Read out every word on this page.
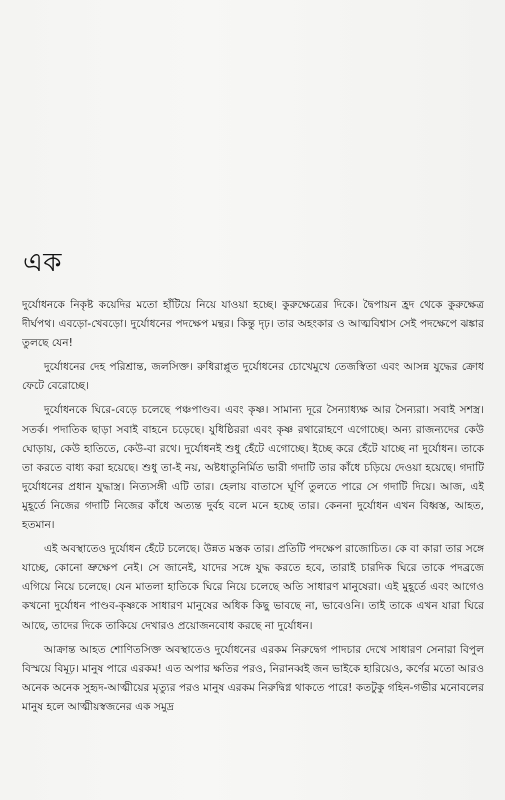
এক

দুর্যোধনকে নিকৃষ্ট কয়েদির মতো হাঁটিয়ে নিয়ে যাওয়া হচ্ছে। কুরুক্ষেত্রের দিকে। দ্বৈপায়ন হ্রদ থেকে কুরুক্ষেত্র দীর্ঘপথ। এবড়ো-খেবড়ো। দুর্যোধনের পদক্ষেপ মন্থর। কিন্তু দৃঢ়। তার অহংকার ও আত্মবিশ্বাস সেই পদক্ষেপে ঝঙ্কার তুলছে যেন!

দুর্যোধনের দেহ পরিশ্রান্ত, জলসিক্ত। রুধিরাপ্লুত দুর্যোধনের চোখেমুখে তেজস্বিতা এবং আসন্ন যুদ্ধের ক্রোধ ফেটে বেরোচ্ছে।

দুর্যোধনকে ঘিরে-বেড়ে চলেছে পঞ্চপাণ্ডব। এবং কৃষ্ণ। সামান্য দূরে সৈন্যাধ্যক্ষ আর সৈন্যরা। সবাই সশস্ত্র। সতর্ক। পদাতিক ছাড়া সবাই বাহনে চড়েছে। যুধিষ্ঠিররা এবং কৃষ্ণ রথারোহণে এগোচ্ছে। অন্য রাজন্যদের কেউ ঘোড়ায়, কেউ হাতিতে, কেউ-বা রথে। দুর্যোধনই শুধু হেঁটে এগোচ্ছে। ইচ্ছে করে হেঁটে যাচ্ছে না দুর্যোধন। তাকে তা করতে বাধ্য করা হয়েছে। শুধু তা-ই নয়, অষ্টধাতুনির্মিত ভারী গদাটি তার কাঁধে চড়িয়ে দেওয়া হয়েছে। গদাটি দুর্যোধনের প্রধান যুদ্ধাস্ত্র। নিত্যসঙ্গী এটি তার। হেলায় বাতাসে ঘূর্ণি তুলতে পারে সে গদাটি দিয়ে। আজ, এই মুহূর্তে নিজের গদাটি নিজের কাঁধে অত্যন্ত দুর্বহ বলে মনে হচ্ছে তার। কেননা দুর্যোধন এখন বিধ্বস্ত, আহত, হতমান।

এই অবস্থাতেও দুর্যোধন হেঁটে চলেছে। উন্নত মস্তক তার। প্রতিটি পদক্ষেপ রাজোচিত। কে বা কারা তার সঙ্গে যাচ্ছে, কোনো ভ্রুক্ষেপ নেই। সে জানেই, যাদের সঙ্গে যুদ্ধ করতে হবে, তারাই চারদিক ঘিরে তাকে পদব্রজে এগিয়ে নিয়ে চলেছে। যেন মাতলা হাতিকে ঘিরে নিয়ে চলেছে অতি সাধারণ মানুষেরা। এই মুহূর্তে এবং আগেও কখনো দুর্যোধন পাণ্ডব-কৃষ্ণকে সাধারণ মানুষের অধিক কিছু ভাবছে না, ভাবেওনি। তাই তাকে এখন যারা ঘিরে আছে, তাদের দিকে তাকিয়ে দেখারও প্রয়োজনবোধ করছে না দুর্যোধন।

আক্রান্ত আহত শোণিতসিক্ত অবস্থাতেও দুর্যোধনের এরকম নিরুদ্বেগ পাদচার দেখে সাধারণ সেনারা বিপুল বিস্ময়ে বিমূঢ়। মানুষ পারে এরকম! এত অপার ক্ষতির পরও, নিরানব্বই জন ভাইকে হারিয়েও, কর্ণের মতো আরও অনেক অনেক সুহৃদ-আত্মীয়ের মৃত্যুর পরও মানুষ এরকম নিরুদ্বিগ্ন থাকতে পারে! কতটুকু গহিন-গভীর মনোবলের মানুষ হলে আত্মীয়স্বজনের এক সমুদ্র
